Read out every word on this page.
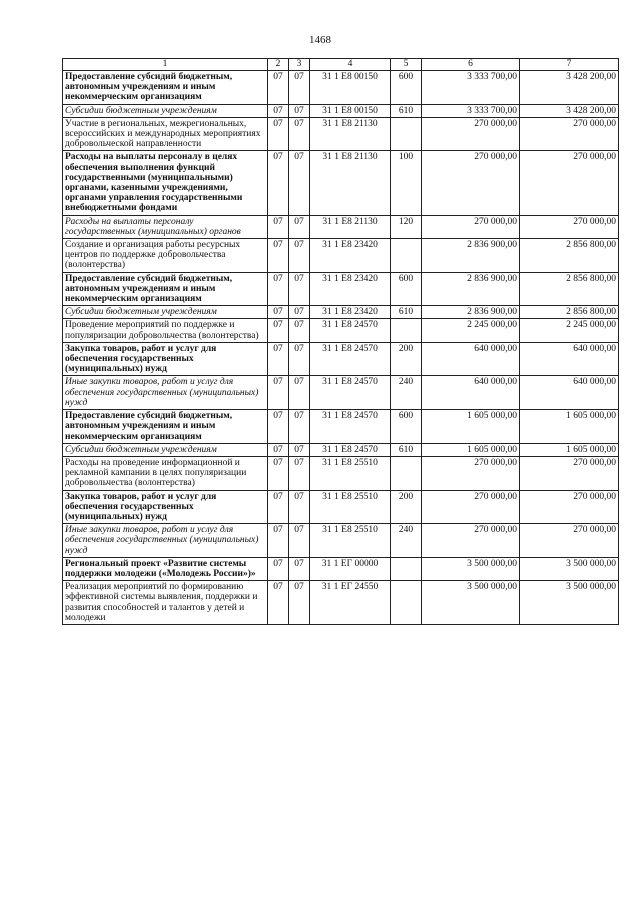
1468
1	2	3	4	5	6	7
Предоставление субсидий бюджетным, автономным учреждениям и иным некоммерческим организациям	07	07	31 1 E8 00150	600	3 333 700,00	3 428 200,00
Субсидии бюджетным учреждениям	07	07	31 1 E8 00150	610	3 333 700,00	3 428 200,00
Участие в региональных, межрегиональных, всероссийских и международных мероприятиях добровольческой направленности	07	07	31 1 E8 21130		270 000,00	270 000,00
Расходы на выплаты персоналу в целях обеспечения выполнения функций государственными (муниципальными) органами, казенными учреждениями, органами управления государственными внебюджетными фондами	07	07	31 1 E8 21130	100	270 000,00	270 000,00
Расходы на выплаты персоналу государственных (муниципальных) органов	07	07	31 1 E8 21130	120	270 000,00	270 000,00
Создание и организация работы ресурсных центров по поддержке добровольчества (волонтерства)	07	07	31 1 E8 23420		2 836 900,00	2 856 800,00
Предоставление субсидий бюджетным, автономным учреждениям и иным некоммерческим организациям	07	07	31 1 E8 23420	600	2 836 900,00	2 856 800,00
Субсидии бюджетным учреждениям	07	07	31 1 E8 23420	610	2 836 900,00	2 856 800,00
Проведение мероприятий по поддержке и популяризации добровольчества (волонтерства)	07	07	31 1 E8 24570		2 245 000,00	2 245 000,00
Закупка товаров, работ и услуг для обеспечения государственных (муниципальных) нужд	07	07	31 1 E8 24570	200	640 000,00	640 000,00
Иные закупки товаров, работ и услуг для обеспечения государственных (муниципальных) нужд	07	07	31 1 E8 24570	240	640 000,00	640 000,00
Предоставление субсидий бюджетным, автономным учреждениям и иным некоммерческим организациям	07	07	31 1 E8 24570	600	1 605 000,00	1 605 000,00
Субсидии бюджетным учреждениям	07	07	31 1 E8 24570	610	1 605 000,00	1 605 000,00
Расходы на проведение информационной и рекламной кампании в целях популяризации добровольчества (волонтерства)	07	07	31 1 E8 25510		270 000,00	270 000,00
Закупка товаров, работ и услуг для обеспечения государственных (муниципальных) нужд	07	07	31 1 E8 25510	200	270 000,00	270 000,00
Иные закупки товаров, работ и услуг для обеспечения государственных (муниципальных) нужд	07	07	31 1 E8 25510	240	270 000,00	270 000,00
Региональный проект «Развитие системы поддержки молодежи («Молодежь России»)»	07	07	31 1 EГ 00000		3 500 000,00	3 500 000,00
Реализация мероприятий по формированию эффективной системы выявления, поддержки и развития способностей и талантов у детей и молодежи	07	07	31 1 EГ 24550		3 500 000,00	3 500 000,00
